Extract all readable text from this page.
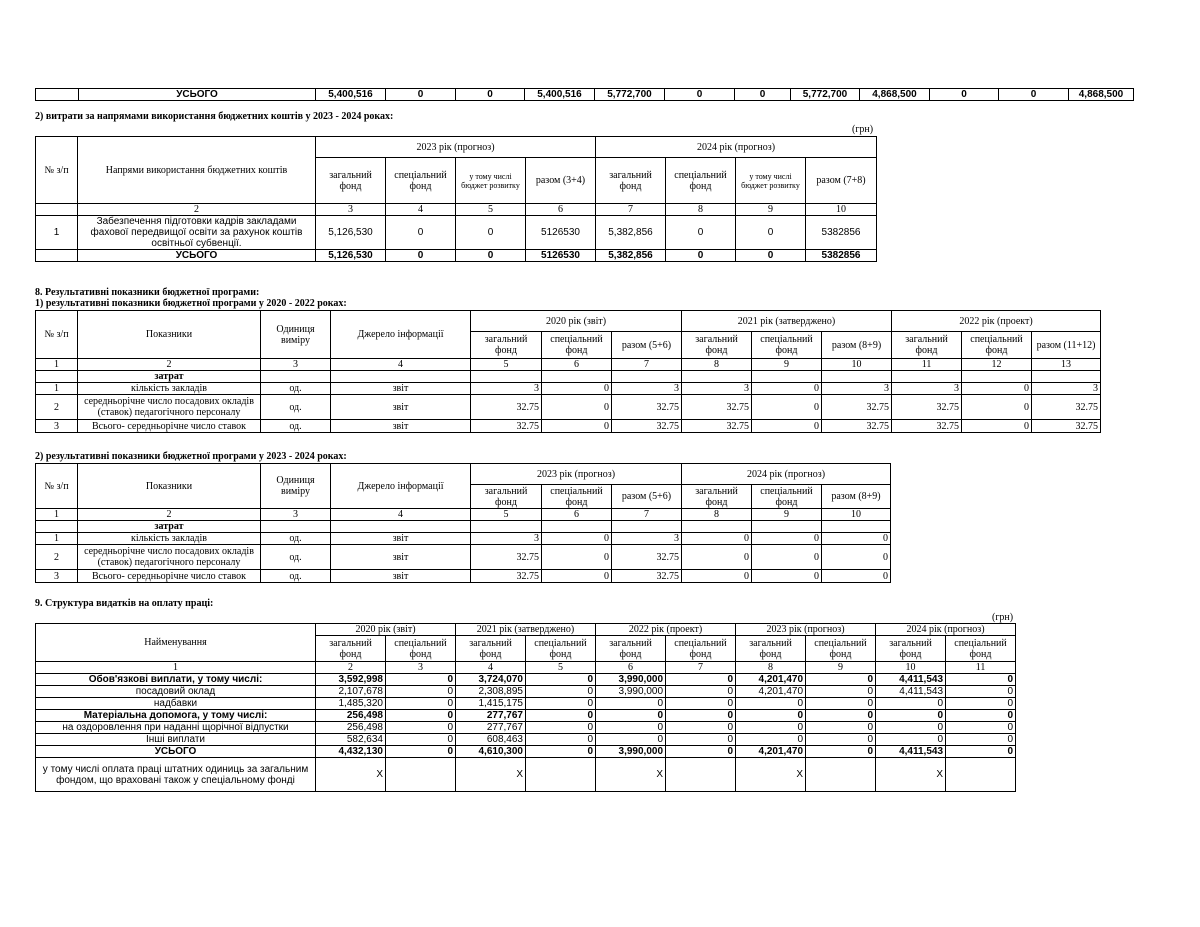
	УСЬОГО	5,400,516	0	0	5,400,516	5,772,700	0	0	5,772,700	4,868,500	0	0	4,868,500
2) витрати за напрямами використання бюджетних коштів у 2023 - 2024 роках:
(грн)
№ з/п	Напрями використання бюджетних коштів	2023 рік (прогноз)				2024 рік (прогноз)			
		загальний фонд	спеціальний фонд	у тому числі бюджет розвитку	разом (3+4)	загальний фонд	спеціальний фонд	у тому числі бюджет розвитку	разом (7+8)
	2	3	4	5	6	7	8	9	10
1	Забезпечення підготовки кадрів закладами фахової передвищої освіти за рахунок коштів освітньої субвенції.	5,126,530	0	0	5126530	5,382,856	0	0	5382856
	УСЬОГО	5,126,530	0	0	5126530	5,382,856	0	0	5382856
8. Результативні показники бюджетної програми:
1) результативні показники бюджетної програми у 2020 - 2022 роках:
№ з/п	Показники	Одиниця виміру	Джерело інформації	2020 рік (звіт)			2021 рік (затверджено)			2022 рік (проект)		
				загальний фонд	спеціальний фонд	разом (5+6)	загальний фонд	спеціальний фонд	разом (8+9)	загальний фонд	спеціальний фонд	разом (11+12)
1	2	3	4	5	6	7	8	9	10	11	12	13
	затрат											
1	кількість закладів	од.	звіт	3	0	3	3	0	3	3	0	3
2	середньорічне число посадових окладів (ставок) педагогічного персоналу	од.	звіт	32.75	0	32.75	32.75	0	32.75	32.75	0	32.75
3	Всього- середньорічне число ставок	од.	звіт	32.75	0	32.75	32.75	0	32.75	32.75	0	32.75
2) результативні показники бюджетної програми у 2023 - 2024 роках:
№ з/п	Показники	Одиниця виміру	Джерело інформації	2023 рік (прогноз)			2024 рік (прогноз)		
				загальний фонд	спеціальний фонд	разом (5+6)	загальний фонд	спеціальний фонд	разом (8+9)
1	2	3	4	5	6	7	8	9	10
	затрат								
1	кількість закладів	од.	звіт	3	0	3	0	0	0
2	середньорічне число посадових окладів (ставок) педагогічного персоналу	од.	звіт	32.75	0	32.75	0	0	0
3	Всього- середньорічне число ставок	од.	звіт	32.75	0	32.75	0	0	0
9. Структура видатків на оплату праці:
(грн)
Найменування	2020 рік (звіт)		2021 рік (затверджено)		2022 рік (проект)		2023 рік (прогноз)		2024 рік (прогноз)	
	загальний фонд	спеціальний фонд	загальний фонд	спеціальний фонд	загальний фонд	спеціальний фонд	загальний фонд	спеціальний фонд	загальний фонд	спеціальний фонд
1	2	3	4	5	6	7	8	9	10	11
Обов'язкові виплати, у тому числі:	3,592,998	0	3,724,070	0	3,990,000	0	4,201,470	0	4,411,543	0
посадовий оклад	2,107,678	0	2,308,895	0	3,990,000	0	4,201,470	0	4,411,543	0
надбавки	1,485,320	0	1,415,175	0	0	0	0	0	0	0
Матеріальна допомога, у тому числі:	256,498	0	277,767	0	0	0	0	0	0	0
на оздоровлення при наданні щорічної відпустки	256,498	0	277,767	0	0	0	0	0	0	0
Інші виплати	582,634	0	608,463	0	0	0	0	0	0	0
УСЬОГО	4,432,130	0	4,610,300	0	3,990,000	0	4,201,470	0	4,411,543	0
у тому числі оплата праці штатних одиниць за загальним фондом, що враховані також у спеціальному фонді	X		X		X		X		X	
